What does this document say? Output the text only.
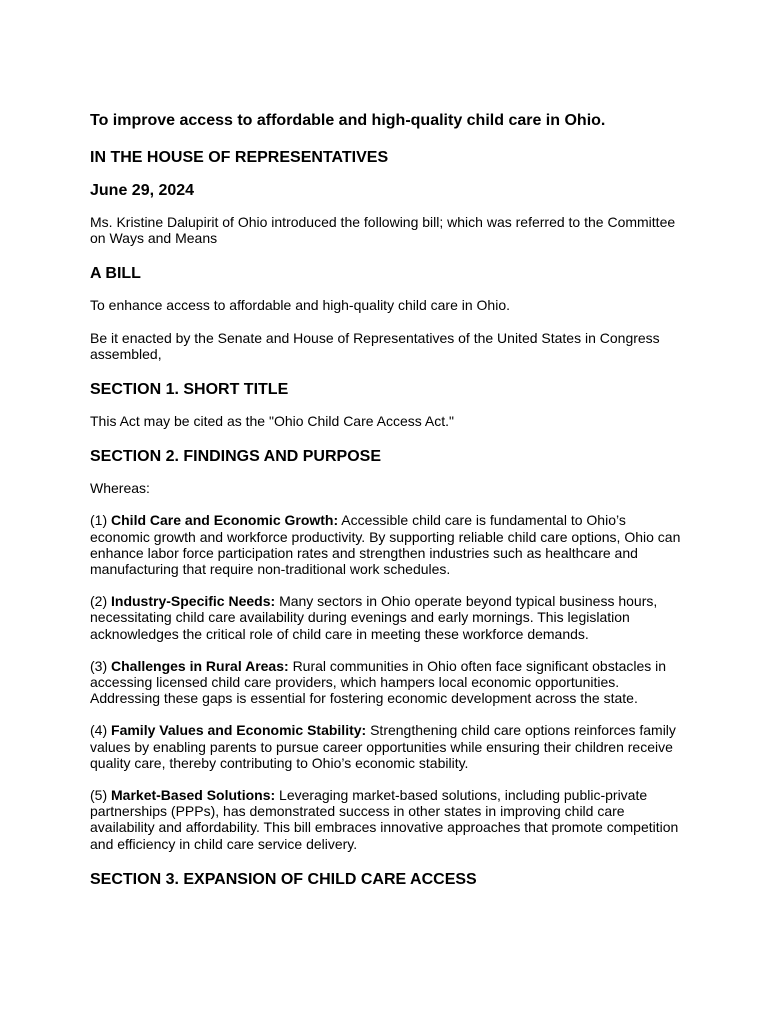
To improve access to affordable and high-quality child care in Ohio.
IN THE HOUSE OF REPRESENTATIVES
June 29, 2024

Ms. Kristine Dalupirit of Ohio introduced the following bill; which was referred to the Committee on Ways and Means

A BILL

To enhance access to affordable and high-quality child care in Ohio.

Be it enacted by the Senate and House of Representatives of the United States in Congress assembled,

SECTION 1. SHORT TITLE

This Act may be cited as the "Ohio Child Care Access Act."

SECTION 2. FINDINGS AND PURPOSE

Whereas:

(1) Child Care and Economic Growth: Accessible child care is fundamental to Ohio’s economic growth and workforce productivity. By supporting reliable child care options, Ohio can enhance labor force participation rates and strengthen industries such as healthcare and manufacturing that require non-traditional work schedules.

(2) Industry-Specific Needs: Many sectors in Ohio operate beyond typical business hours, necessitating child care availability during evenings and early mornings. This legislation acknowledges the critical role of child care in meeting these workforce demands.

(3) Challenges in Rural Areas: Rural communities in Ohio often face significant obstacles in accessing licensed child care providers, which hampers local economic opportunities. Addressing these gaps is essential for fostering economic development across the state.

(4) Family Values and Economic Stability: Strengthening child care options reinforces family values by enabling parents to pursue career opportunities while ensuring their children receive quality care, thereby contributing to Ohio’s economic stability.

(5) Market-Based Solutions: Leveraging market-based solutions, including public-private partnerships (PPPs), has demonstrated success in other states in improving child care availability and affordability. This bill embraces innovative approaches that promote competition and efficiency in child care service delivery.

SECTION 3. EXPANSION OF CHILD CARE ACCESS
